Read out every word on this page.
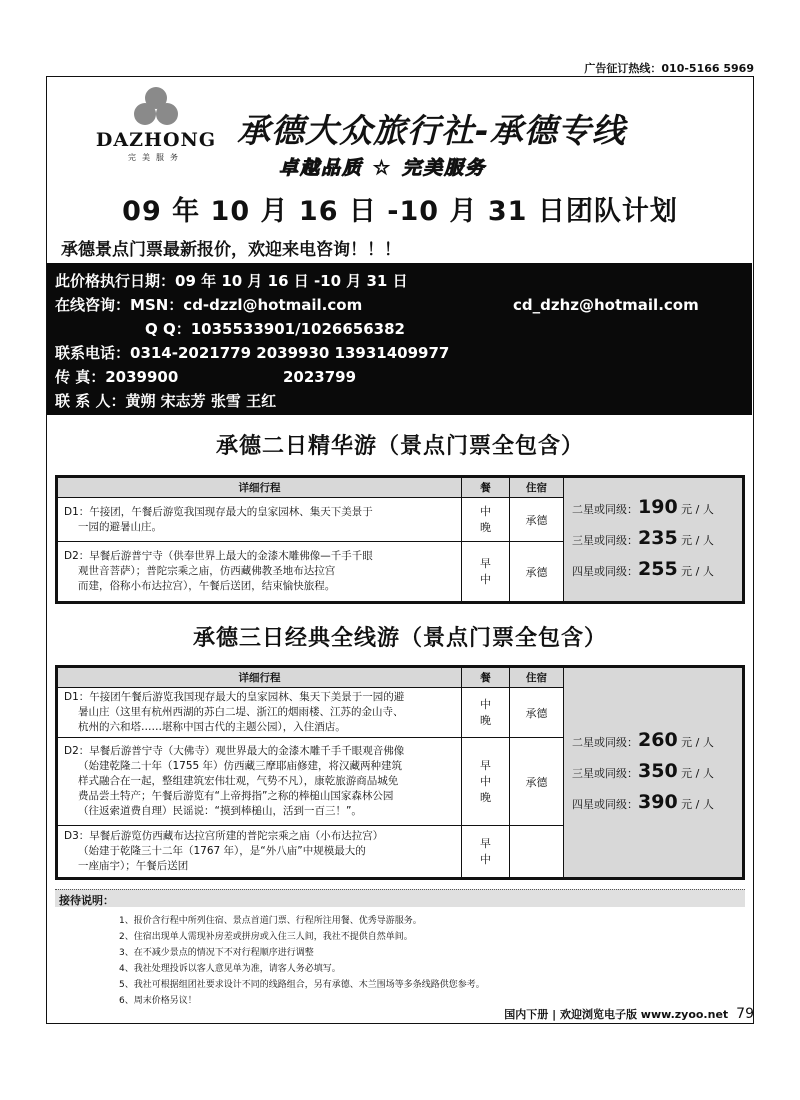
广告征订热线：010-5166 5969
DAZHONG
完美服务
承德大众旅行社-承德专线
卓越品质 ☆ 完美服务
09 年 10 月 16 日 -10 月 31 日团队计划
承德景点门票最新报价，欢迎来电咨询！！！
此价格执行日期：09 年 10 月 16 日 -10 月 31 日
在线咨询：MSN：cd-dzzl@hotmail.com	cd_dzhz@hotmail.com
Q Q：1035533901/1026656382
联系电话：0314-2021779 2039930 13931409977
传 真：2039900	2023799
联 系 人：黄朔 宋志芳 张雪 王红
承德二日精华游（景点门票全包含）
详细行程	餐	住宿	二星或同级：190 元 / 人
三星或同级：235 元 / 人
四星或同级：255 元 / 人

D1：午接团，午餐后游览我国现存最大的皇家园林、集天下美景于
一园的避暑山庄。	中
晚	承德	
D2：早餐后游普宁寺（供奉世界上最大的金漆木雕佛像—千手千眼
观世音菩萨）；普陀宗乘之庙，仿西藏佛教圣地布达拉宫
而建，俗称小布达拉宫），午餐后送团，结束愉快旅程。	早
中	承德	
承德三日经典全线游（景点门票全包含）
详细行程	餐	住宿	二星或同级：260 元 / 人
三星或同级：350 元 / 人
四星或同级：390 元 / 人

D1：午接团午餐后游览我国现存最大的皇家园林、集天下美景于一园的避
暑山庄（这里有杭州西湖的苏白二堤、浙江的烟雨楼、江苏的金山寺、
杭州的六和塔……堪称中国古代的主题公园），入住酒店。	中
晚	承德	
D2：早餐后游普宁寺（大佛寺）观世界最大的金漆木雕千手千眼观音佛像
（始建乾隆二十年（1755 年）仿西藏三摩耶庙修建，将汉藏两种建筑
样式融合在一起，整组建筑宏伟壮观，气势不凡），康乾旅游商品城免
费品尝土特产；午餐后游览有“上帝拇指”之称的棒槌山国家森林公园
（往返索道费自理）民谣说：“摸到棒槌山，活到一百三！”。	早
中
晚	承德	
D3：早餐后游览仿西藏布达拉宫所建的普陀宗乘之庙（小布达拉宫）
（始建于乾隆三十二年（1767 年），是“外八庙”中规模最大的
一座庙宇）；午餐后送团	早
中		
接待说明：
1、报价含行程中所列住宿、景点首道门票、行程所注用餐、优秀导游服务。
2、住宿出现单人需现补房差或拼房或入住三人间，我社不提供自然单间。
3、在不减少景点的情况下不对行程顺序进行调整
4、我社处理投诉以客人意见单为准，请客人务必填写。
5、我社可根据组团社要求设计不同的线路组合，另有承德、木兰围场等多条线路供您参考。
6、周末价格另议！
国内下册 | 欢迎浏览电子版 www.zyoo.net 79
